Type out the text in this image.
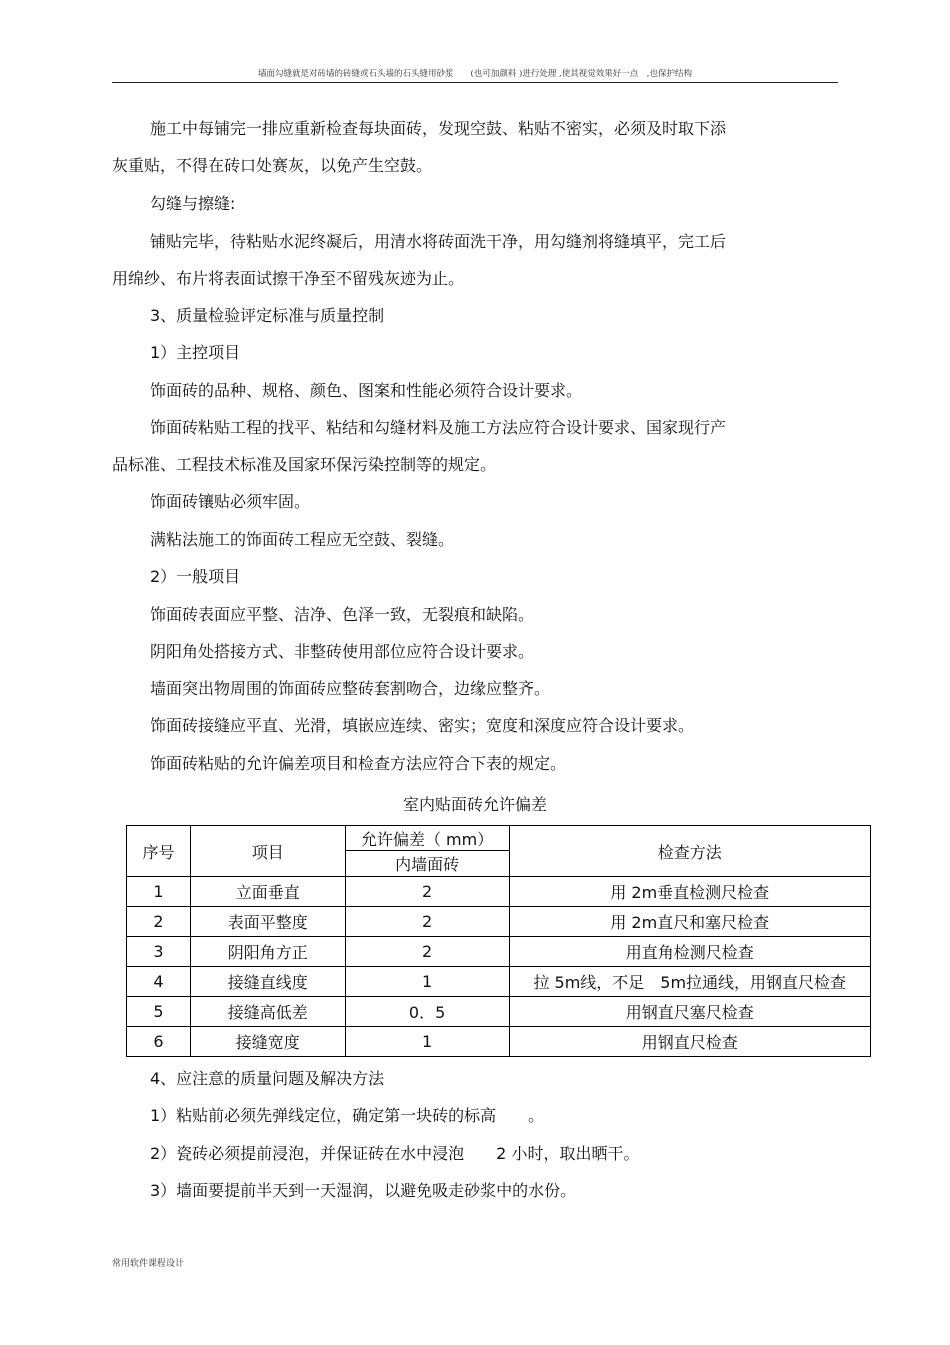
墙面勾缝就是对砖墙的砖缝或石头墙的石头缝用砂浆　　(也可加颜料 )进行处理 ,使其视觉效果好一点　,也保护结构
施工中每铺完一排应重新检查每块面砖，发现空鼓、粘贴不密实，必须及时取下添
灰重贴，不得在砖口处赛灰，以免产生空鼓。
勾缝与擦缝:
铺贴完毕，待粘贴水泥终凝后，用清水将砖面洗干净，用勾缝剂将缝填平，完工后
用绵纱、布片将表面试擦干净至不留残灰迹为止。
3、质量检验评定标准与质量控制
1）主控项目
饰面砖的品种、规格、颜色、图案和性能必须符合设计要求。
饰面砖粘贴工程的找平、粘结和勾缝材料及施工方法应符合设计要求、国家现行产
品标准、工程技术标准及国家环保污染控制等的规定。
饰面砖镶贴必须牢固。
满粘法施工的饰面砖工程应无空鼓、裂缝。
2）一般项目
饰面砖表面应平整、洁净、色泽一致，无裂痕和缺陷。
阴阳角处搭接方式、非整砖使用部位应符合设计要求。
墙面突出物周围的饰面砖应整砖套割吻合，边缘应整齐。
饰面砖接缝应平直、光滑，填嵌应连续、密实；宽度和深度应符合设计要求。
饰面砖粘贴的允许偏差项目和检查方法应符合下表的规定。
室内贴面砖允许偏差
序号	项目	允许偏差（ mm）	检查方法
		内墙面砖	
1	立面垂直	2	用 2m垂直检测尺检查
2	表面平整度	2	用 2m直尺和塞尺检查
3	阴阳角方正	2	用直角检测尺检查
4	接缝直线度	1	拉 5m线，不足　5m拉通线，用钢直尺检查
5	接缝高低差	0．5	用钢直尺塞尺检查
6	接缝宽度	1	用钢直尺检查
4、应注意的质量问题及解决方法
1）粘贴前必须先弹线定位，确定第一块砖的标高　　。
2）瓷砖必须提前浸泡，并保证砖在水中浸泡　　2 小时，取出晒干。
3）墙面要提前半天到一天湿润，以避免吸走砂浆中的水份。
常用软件课程设计
